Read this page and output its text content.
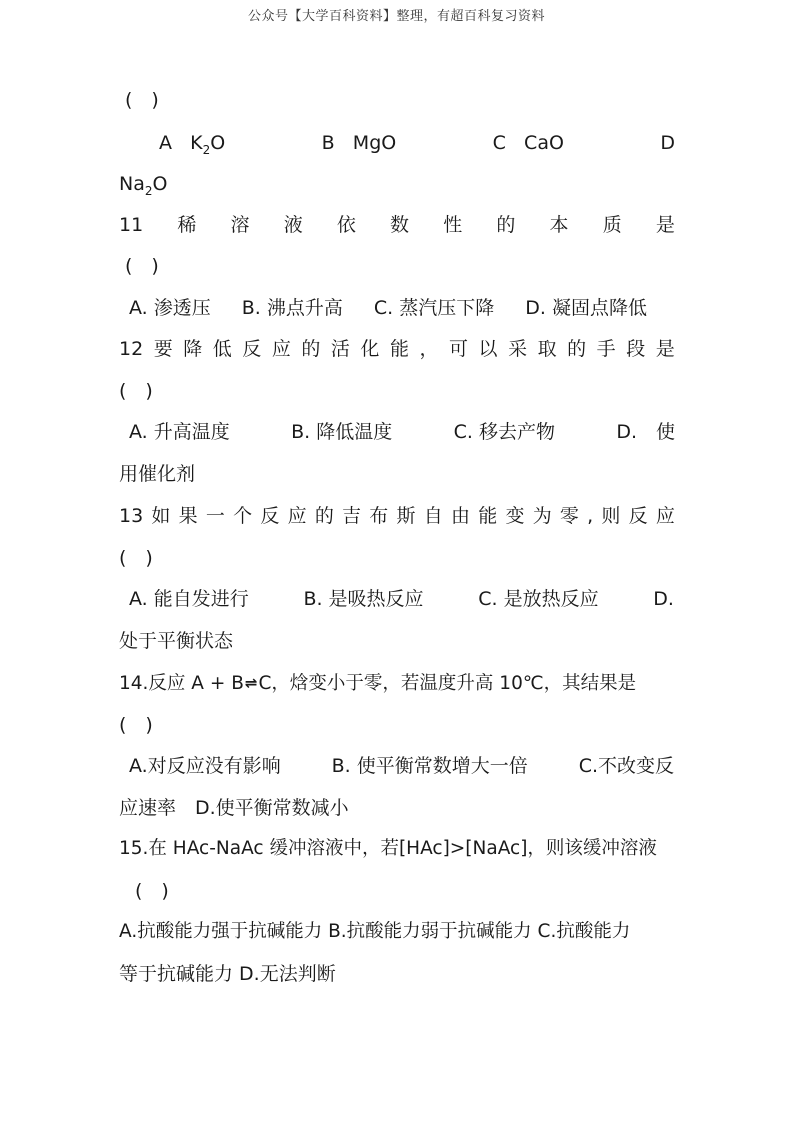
公众号【大学百科资料】整理，有超百科复习资料
(　)
A $K_2O$	B MgO	C CaO	D
$Na_2O$
11 稀 溶 液 依 数 性 的 本 质 是
(　)
A. 渗透压 B. 沸点升高 C. 蒸汽压下降 D. 凝固点降低
12 要 降 低 反 应 的 活 化 能 ， 可 以 采 取 的 手 段 是
(　)
A. 升高温度	B. 降低温度	C. 移去产物	D.　使
用催化剂
13 如 果 一 个 反 应 的 吉 布 斯 自 由 能 变 为 零 , 则 反 应
(　)
A. 能自发进行	B. 是吸热反应	C. 是放热反应	D.
处于平衡状态
14.反应 A + B⇌C，焓变小于零，若温度升高 10℃，其结果是
(　)
A.对反应没有影响	B. 使平衡常数增大一倍	C.不改变反
应速率　D.使平衡常数减小
15.在 HAc-NaAc 缓冲溶液中，若[HAc]>[NaAc]，则该缓冲溶液
(　)
A.抗酸能力强于抗碱能力 B.抗酸能力弱于抗碱能力 C.抗酸能力
等于抗碱能力 D.无法判断
